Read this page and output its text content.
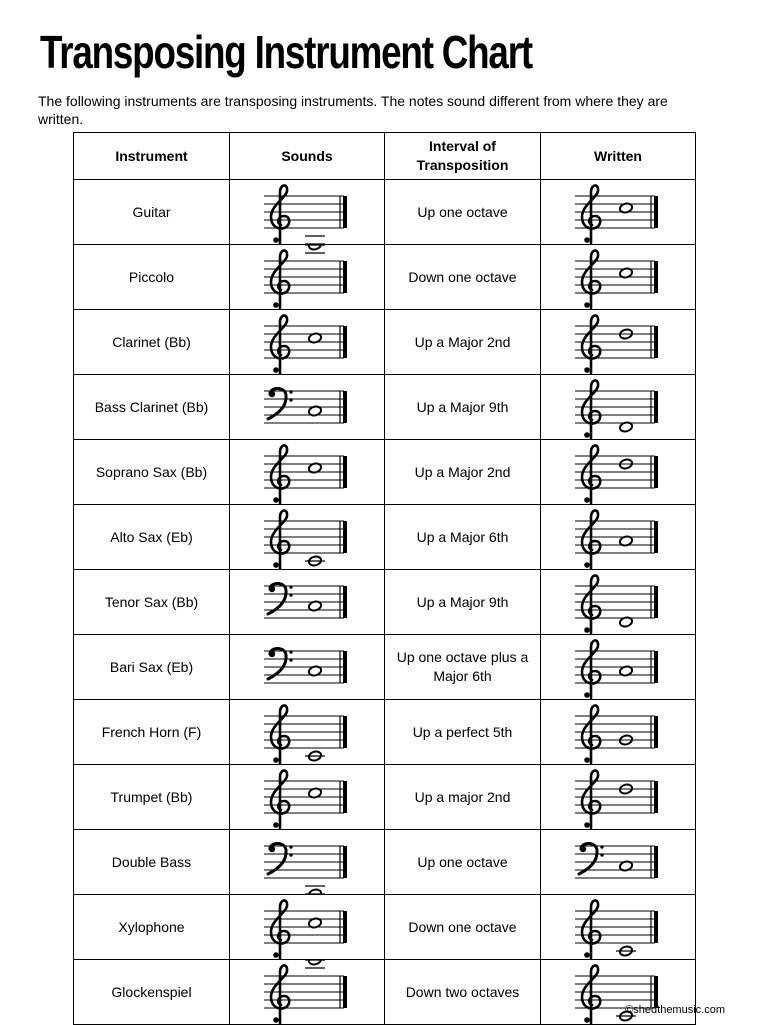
Transposing Instrument Chart
The following instruments are transposing instruments. The notes sound different from where they are written.
Instrument	Sounds	Interval of Transposition	Written
Guitar		Up one octave	

Piccolo		Down one octave	

Clarinet (Bb)		Up a Major 2nd	

Bass Clarinet (Bb)		Up a Major 9th	

Soprano Sax (Bb)		Up a Major 2nd	

Alto Sax (Eb)		Up a Major 6th	

Tenor Sax (Bb)		Up a Major 9th	

Bari Sax (Eb)		Up one octave plus a Major 6th	

French Horn (F)		Up a perfect 5th	

Trumpet (Bb)		Up a major 2nd	

Double Bass		Up one octave	

Xylophone		Down one octave	

Glockenspiel		Down two octaves	
©shedthemusic.com
